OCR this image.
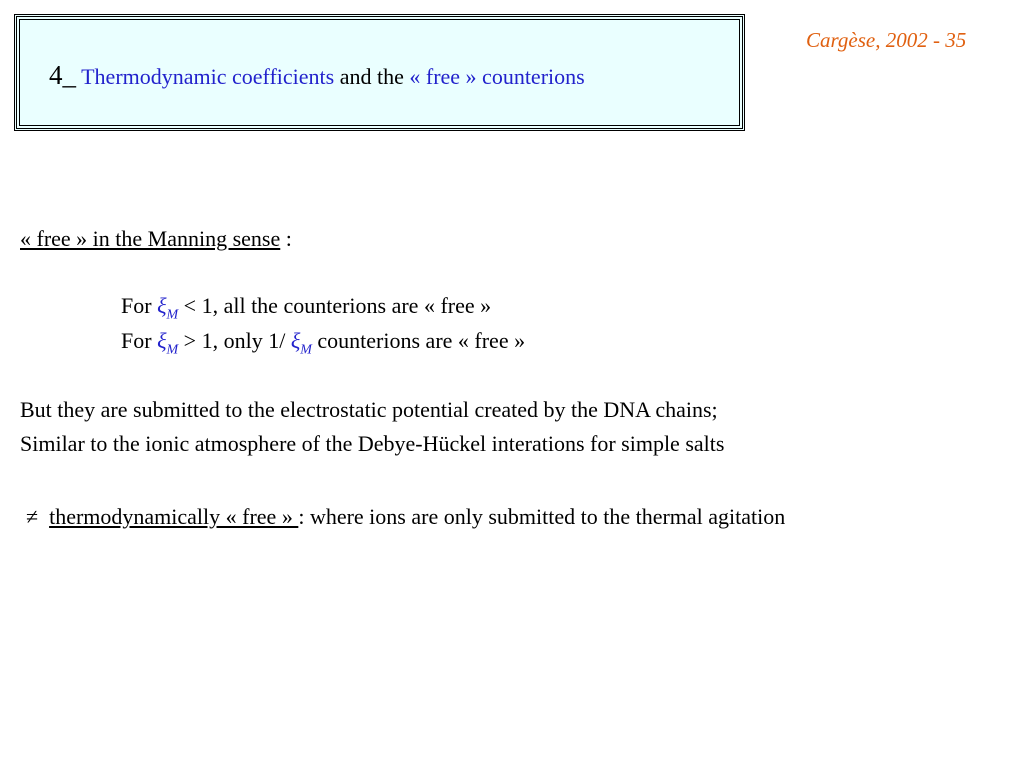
4_ Thermodynamic coefficients and the « free » counterions
Cargèse, 2002 - 35
« free » in the Manning sense :
For $\xi_M < 1$, all the counterions are « free »
For $\xi_M > 1$, only 1/ $\xi_M$ counterions are « free »
But they are submitted to the electrostatic potential created by the DNA chains;
Similar to the ionic atmosphere of the Debye-Hückel interations for simple salts
≠ thermodynamically « free » : where ions are only submitted to the thermal agitation
